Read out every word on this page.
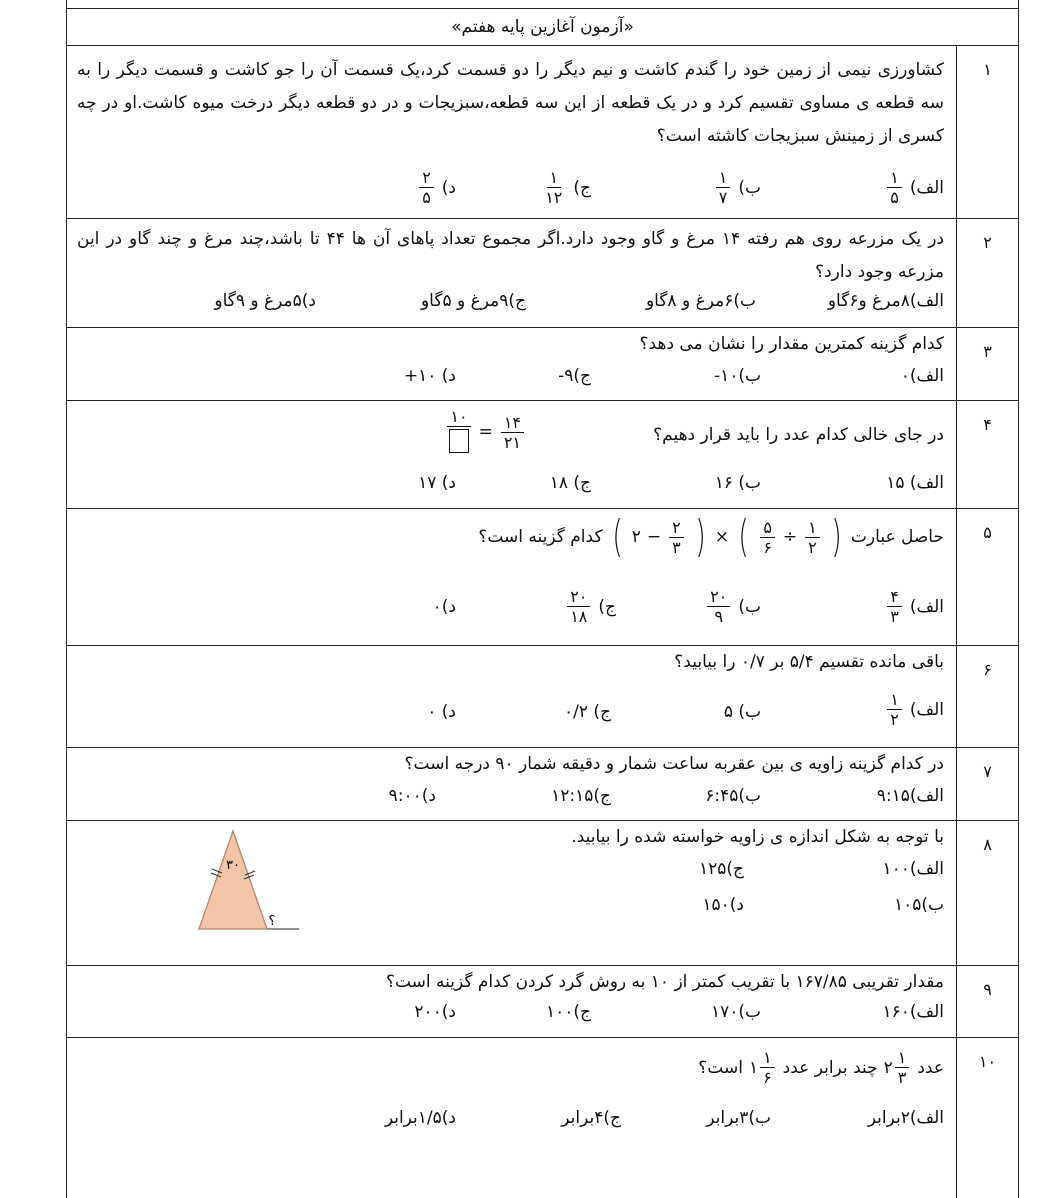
«آزمون آغازین پایه هفتم»
۱
کشاورزی نیمی از زمین خود را گندم کاشت و نیم دیگر را دو قسمت کرد،یک قسمت آن را جو کاشت و قسمت دیگر را به سه قطعه ی مساوی تقسیم کرد و در یک قطعه از این سه قطعه،سبزیجات و در دو قطعه دیگر درخت میوه کاشت.او در چه کسری از زمینش سبزیجات کاشته است؟
الف)
$\frac{۱}{۵}$
ب)
$\frac{۱}{۷}$
ج)
$\frac{۱}{۱۲}$
د)
$\frac{۲}{۵}$
۲
در یک مزرعه روی هم رفته ۱۴ مرغ و گاو وجود دارد.اگر مجموع تعداد پاهای آن ها ۴۴ تا باشد،چند مرغ و چند گاو در این مزرعه وجود دارد؟
الف)۸مرغ و۶گاو
ب)۶مرغ و ۸گاو
ج)۹مرغ و ۵گاو
د)۵مرغ و ۹گاو
۳
کدام گزینه کمترین مقدار را نشان می دهد؟
الف)۰
ب)۱۰-
ج)۹-
د) ۱۰+
۴
در جای خالی کدام عدد را باید قرار دهیم؟
$\frac{۱۴}{۲۱}$
=
۱۰
الف) ۱۵
ب) ۱۶
ج) ۱۸
د) ۱۷
۵
حاصل عبارت
(
$\frac{۱}{۲}$
÷
$\frac{۵}{۶}$
)
×
(
$\frac{۲}{۳}$
−
۲
)
کدام گزینه است؟
الف)
$\frac{۴}{۳}$
ب)
$\frac{۲۰}{۹}$
ج)
$\frac{۲۰}{۱۸}$
د)۰
۶
باقی مانده تقسیم ۵/۴ بر ۰/۷ را بیابید؟
الف)
$\frac{۱}{۲}$
ب) ۵
ج) ۰/۲
د) ۰
۷
در کدام گزینه زاویه ی بین عقربه ساعت شمار و دقیقه شمار ۹۰ درجه است؟
الف)۹:۱۵
ب)۶:۴۵
ج)۱۲:۱۵
د)۹:۰۰
۸
با توجه به شکل اندازه ی زاویه خواسته شده را بیابید.
الف)۱۰۰
ج)۱۲۵
ب)۱۰۵
د)۱۵۰
۳۰
؟
۹
مقدار تقریبی ۱۶۷/۸۵ با تقریب کمتر از ۱۰ به روش گرد کردن کدام گزینه است؟
الف)۱۶۰
ب)۱۷۰
ج)۱۰۰
د)۲۰۰
۱۰
عدد
۲ $\frac{۱}{۳}$
چند برابر عدد
۱ $\frac{۱}{۶}$
است؟
الف)۲برابر
ب)۳برابر
ج)۴برابر
د)۱/۵برابر
